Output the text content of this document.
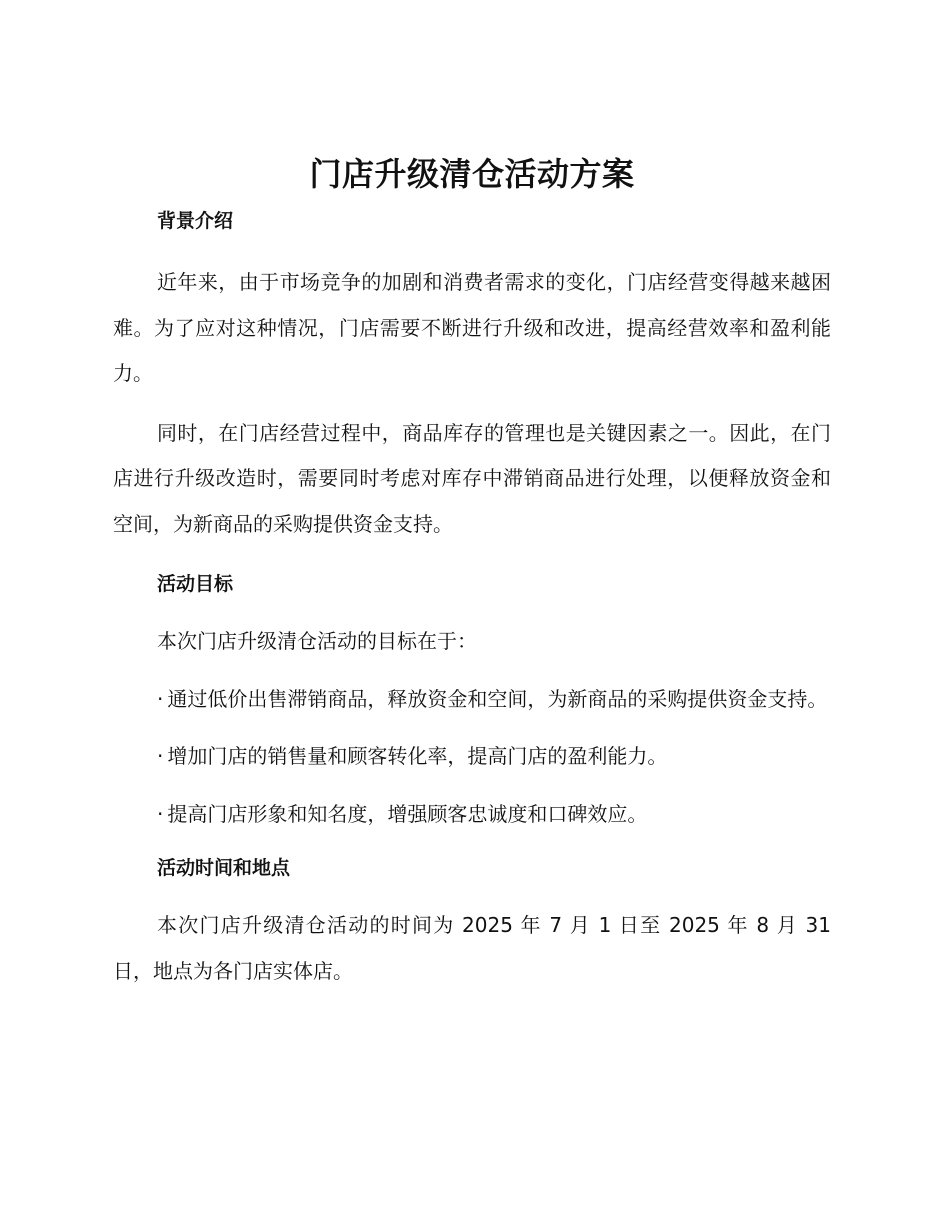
门店升级清仓活动方案
背景介绍

近年来，由于市场竞争的加剧和消费者需求的变化，门店经营变得越来越困难。为了应对这种情况，门店需要不断进行升级和改进，提高经营效率和盈利能力。

同时，在门店经营过程中，商品库存的管理也是关键因素之一。因此，在门店进行升级改造时，需要同时考虑对库存中滞销商品进行处理，以便释放资金和空间，为新商品的采购提供资金支持。

活动目标

本次门店升级清仓活动的目标在于：

· 通过低价出售滞销商品，释放资金和空间，为新商品的采购提供资金支持。

· 增加门店的销售量和顾客转化率，提高门店的盈利能力。

· 提高门店形象和知名度，增强顾客忠诚度和口碑效应。

活动时间和地点

本次门店升级清仓活动的时间为 2025 年 7 月 1 日至 2025 年 8 月 31 日，地点为各门店实体店。
